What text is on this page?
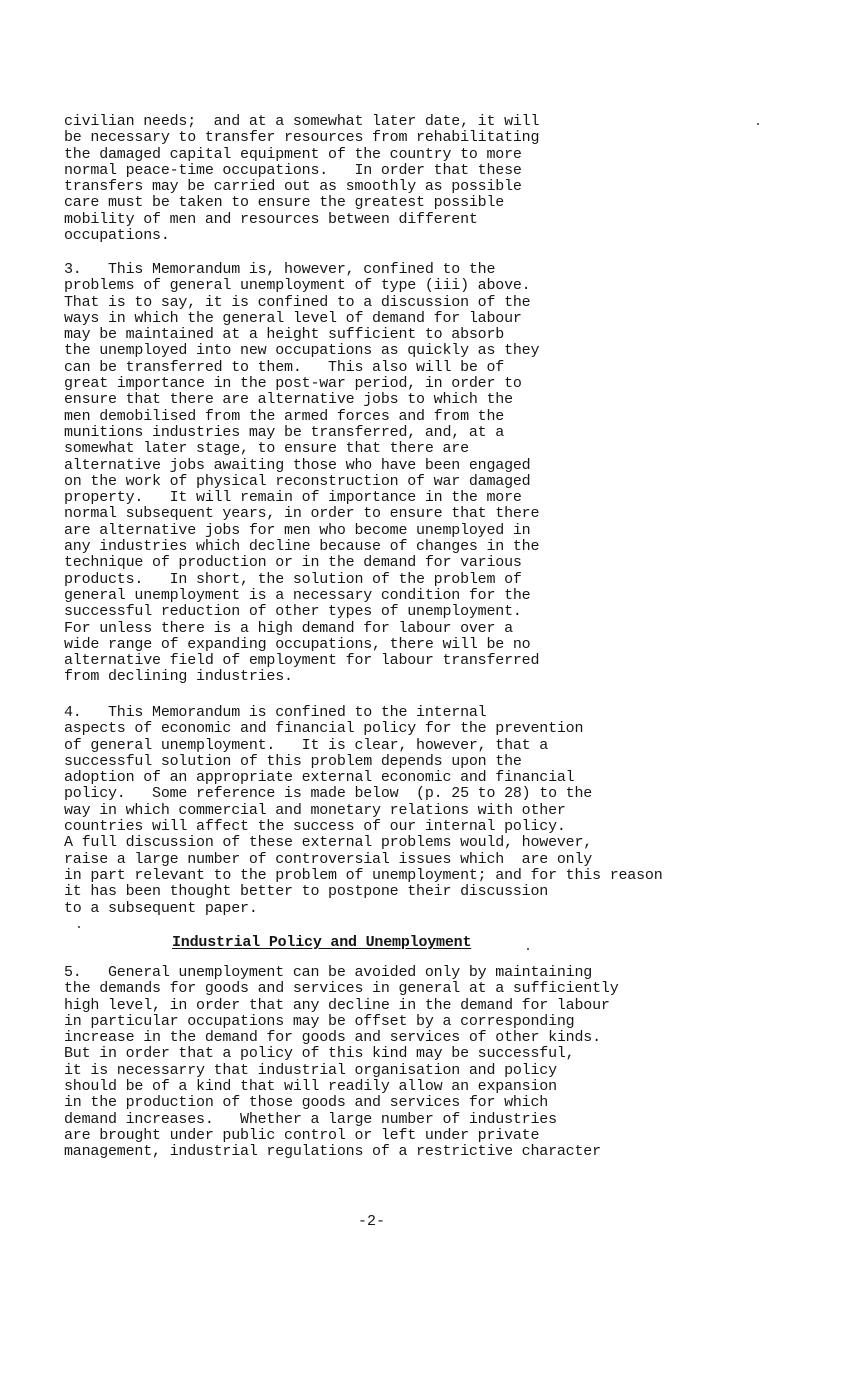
civilian needs;  and at a somewhat later date, it will
be necessary to transfer resources from rehabilitating
the damaged capital equipment of the country to more
normal peace-time occupations.   In order that these
transfers may be carried out as smoothly as possible
care must be taken to ensure the greatest possible
mobility of men and resources between different
occupations.

3.   This Memorandum is, however, confined to the
problems of general unemployment of type (iii) above.
That is to say, it is confined to a discussion of the
ways in which the general level of demand for labour
may be maintained at a height sufficient to absorb
the unemployed into new occupations as quickly as they
can be transferred to them.   This also will be of
great importance in the post-war period, in order to
ensure that there are alternative jobs to which the
men demobilised from the armed forces and from the
munitions industries may be transferred, and, at a
somewhat later stage, to ensure that there are
alternative jobs awaiting those who have been engaged
on the work of physical reconstruction of war damaged
property.   It will remain of importance in the more
normal subsequent years, in order to ensure that there
are alternative jobs for men who become unemployed in
any industries which decline because of changes in the
technique of production or in the demand for various
products.   In short, the solution of the problem of
general unemployment is a necessary condition for the
successful reduction of other types of unemployment.
For unless there is a high demand for labour over a
wide range of expanding occupations, there will be no
alternative field of employment for labour transferred
from declining industries.

4.   This Memorandum is confined to the internal
aspects of economic and financial policy for the prevention
of general unemployment.   It is clear, however, that a
successful solution of this problem depends upon the
adoption of an appropriate external economic and financial
policy.   Some reference is made below  (p. 25 to 28) to the
way in which commercial and monetary relations with other
countries will affect the success of our internal policy.
A full discussion of these external problems would, however,
raise a large number of controversial issues which  are only
in part relevant to the problem of unemployment; and for this reason
it has been thought better to postpone their discussion
to a subsequent paper.

Industrial Policy and Unemployment

5.   General unemployment can be avoided only by maintaining
the demands for goods and services in general at a sufficiently
high level, in order that any decline in the demand for labour
in particular occupations may be offset by a corresponding
increase in the demand for goods and services of other kinds.
But in order that a policy of this kind may be successful,
it is necessarry that industrial organisation and policy
should be of a kind that will readily allow an expansion
in the production of those goods and services for which
demand increases.   Whether a large number of industries
are brought under public control or left under private
management, industrial regulations of a restrictive character

-2-
